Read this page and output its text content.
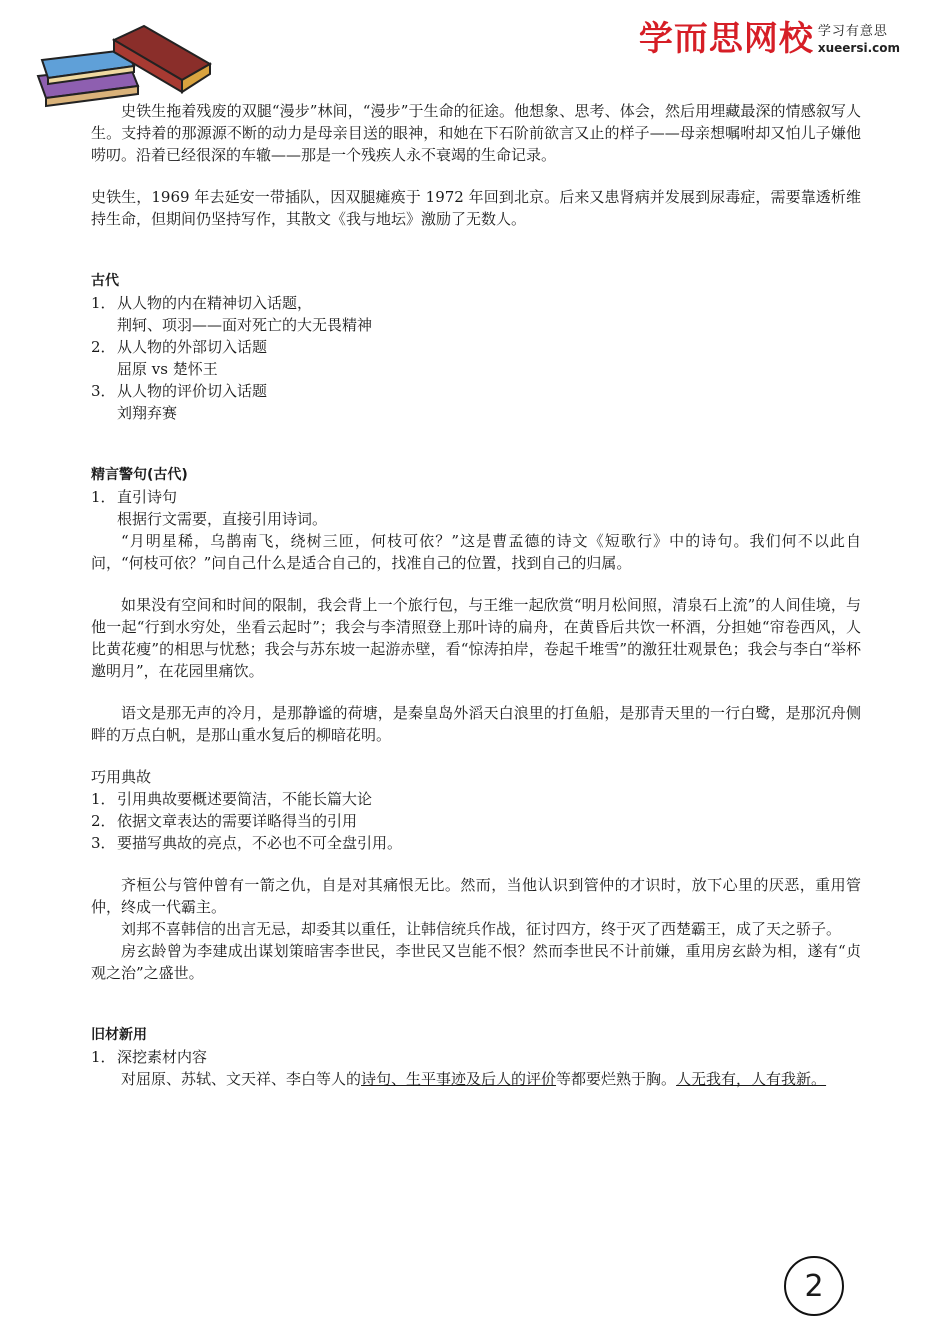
学而思网校 学习有意思
xueersi.com

史铁生拖着残废的双腿“漫步”林间，“漫步”于生命的征途。他想象、思考、体会，然后用埋藏最深的情感叙写人生。支持着的那源源不断的动力是母亲目送的眼神，和她在下石阶前欲言又止的样子——母亲想嘱咐却又怕儿子嫌他唠叨。沿着已经很深的车辙——那是一个残疾人永不衰竭的生命记录。

史铁生，1969 年去延安一带插队，因双腿瘫痪于 1972 年回到北京。后来又患肾病并发展到尿毒症，需要靠透析维持生命，但期间仍坚持写作，其散文《我与地坛》激励了无数人。

古代

1． 从人物的内在精神切入话题，

荆轲、项羽——面对死亡的大无畏精神

2． 从人物的外部切入话题

屈原 vs 楚怀王

3． 从人物的评价切入话题

刘翔弃赛

精言警句(古代)

1． 直引诗句

根据行文需要，直接引用诗词。

“月明星稀，乌鹊南飞，绕树三匝，何枝可依？”这是曹孟德的诗文《短歌行》中的诗句。我们何不以此自问，“何枝可依？”问自己什么是适合自己的，找准自己的位置，找到自己的归属。

如果没有空间和时间的限制，我会背上一个旅行包，与王维一起欣赏“明月松间照，清泉石上流”的人间佳境，与他一起“行到水穷处，坐看云起时”；我会与李清照登上那叶诗的扁舟，在黄昏后共饮一杯酒，分担她“帘卷西风，人比黄花瘦”的相思与忧愁；我会与苏东坡一起游赤壁，看“惊涛拍岸，卷起千堆雪”的激狂壮观景色；我会与李白“举杯邀明月”，在花园里痛饮。

语文是那无声的冷月，是那静谧的荷塘，是秦皇岛外滔天白浪里的打鱼船，是那青天里的一行白鹭，是那沉舟侧畔的万点白帆，是那山重水复后的柳暗花明。

巧用典故

1． 引用典故要概述要简洁，不能长篇大论

2． 依据文章表达的需要详略得当的引用

3． 要描写典故的亮点，不必也不可全盘引用。

齐桓公与管仲曾有一箭之仇，自是对其痛恨无比。然而，当他认识到管仲的才识时，放下心里的厌恶，重用管仲，终成一代霸主。

刘邦不喜韩信的出言无忌，却委其以重任，让韩信统兵作战，征讨四方，终于灭了西楚霸王，成了天之骄子。

房玄龄曾为李建成出谋划策暗害李世民，李世民又岂能不恨？然而李世民不计前嫌，重用房玄龄为相，遂有“贞观之治”之盛世。

旧材新用

1． 深挖素材内容

对屈原、苏轼、文天祥、李白等人的诗句、生平事迹及后人的评价等都要烂熟于胸。人无我有，人有我新。

2
